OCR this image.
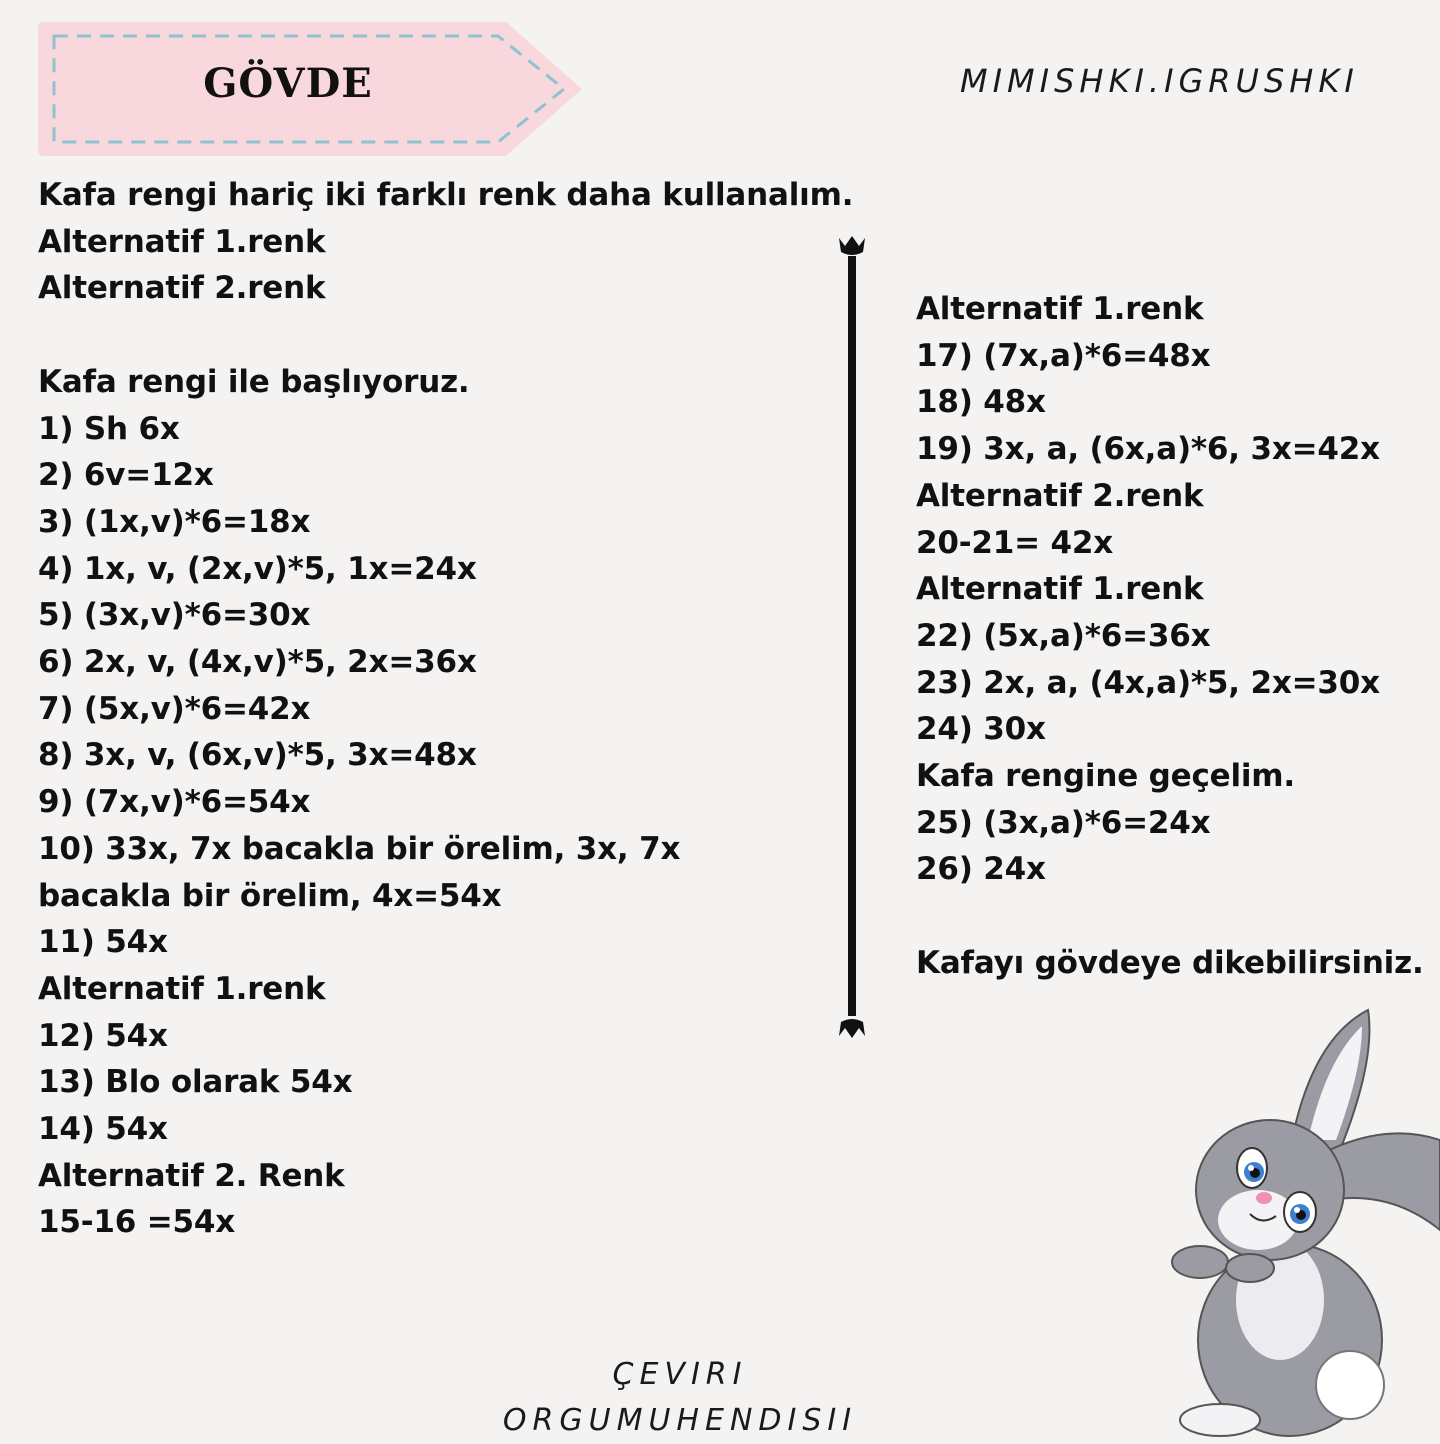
GÖVDE	MIMISHKI.IGRUSHKI
Kafa rengi hariç iki farklı renk daha kullanalım.
Alternatif 1.renk
Alternatif 2.renk
Kafa rengi ile başlıyoruz.
1) Sh 6x
2) 6v=12x
3) (1x,v)*6=18x
4) 1x, v, (2x,v)*5, 1x=24x
5) (3x,v)*6=30x
6) 2x, v, (4x,v)*5, 2x=36x
7) (5x,v)*6=42x
8) 3x, v, (6x,v)*5, 3x=48x
9) (7x,v)*6=54x
10) 33x, 7x bacakla bir örelim, 3x, 7x bacakla bir örelim, 4x=54x
11) 54x
Alternatif 1.renk
12) 54x
13) Blo olarak 54x
14) 54x
Alternatif 2. Renk
15-16 =54x
Alternatif 1.renk
17) (7x,a)*6=48x
18) 48x
19) 3x, a, (6x,a)*6, 3x=42x
Alternatif 2.renk
20-21= 42x
Alternatif 1.renk
22) (5x,a)*6=36x
23) 2x, a, (4x,a)*5, 2x=30x
24) 30x
Kafa rengine geçelim.
25) (3x,a)*6=24x
26) 24x
Kafayı gövdeye dikebilirsiniz.
ÇEVIRI
ORGUMUHENDISII
